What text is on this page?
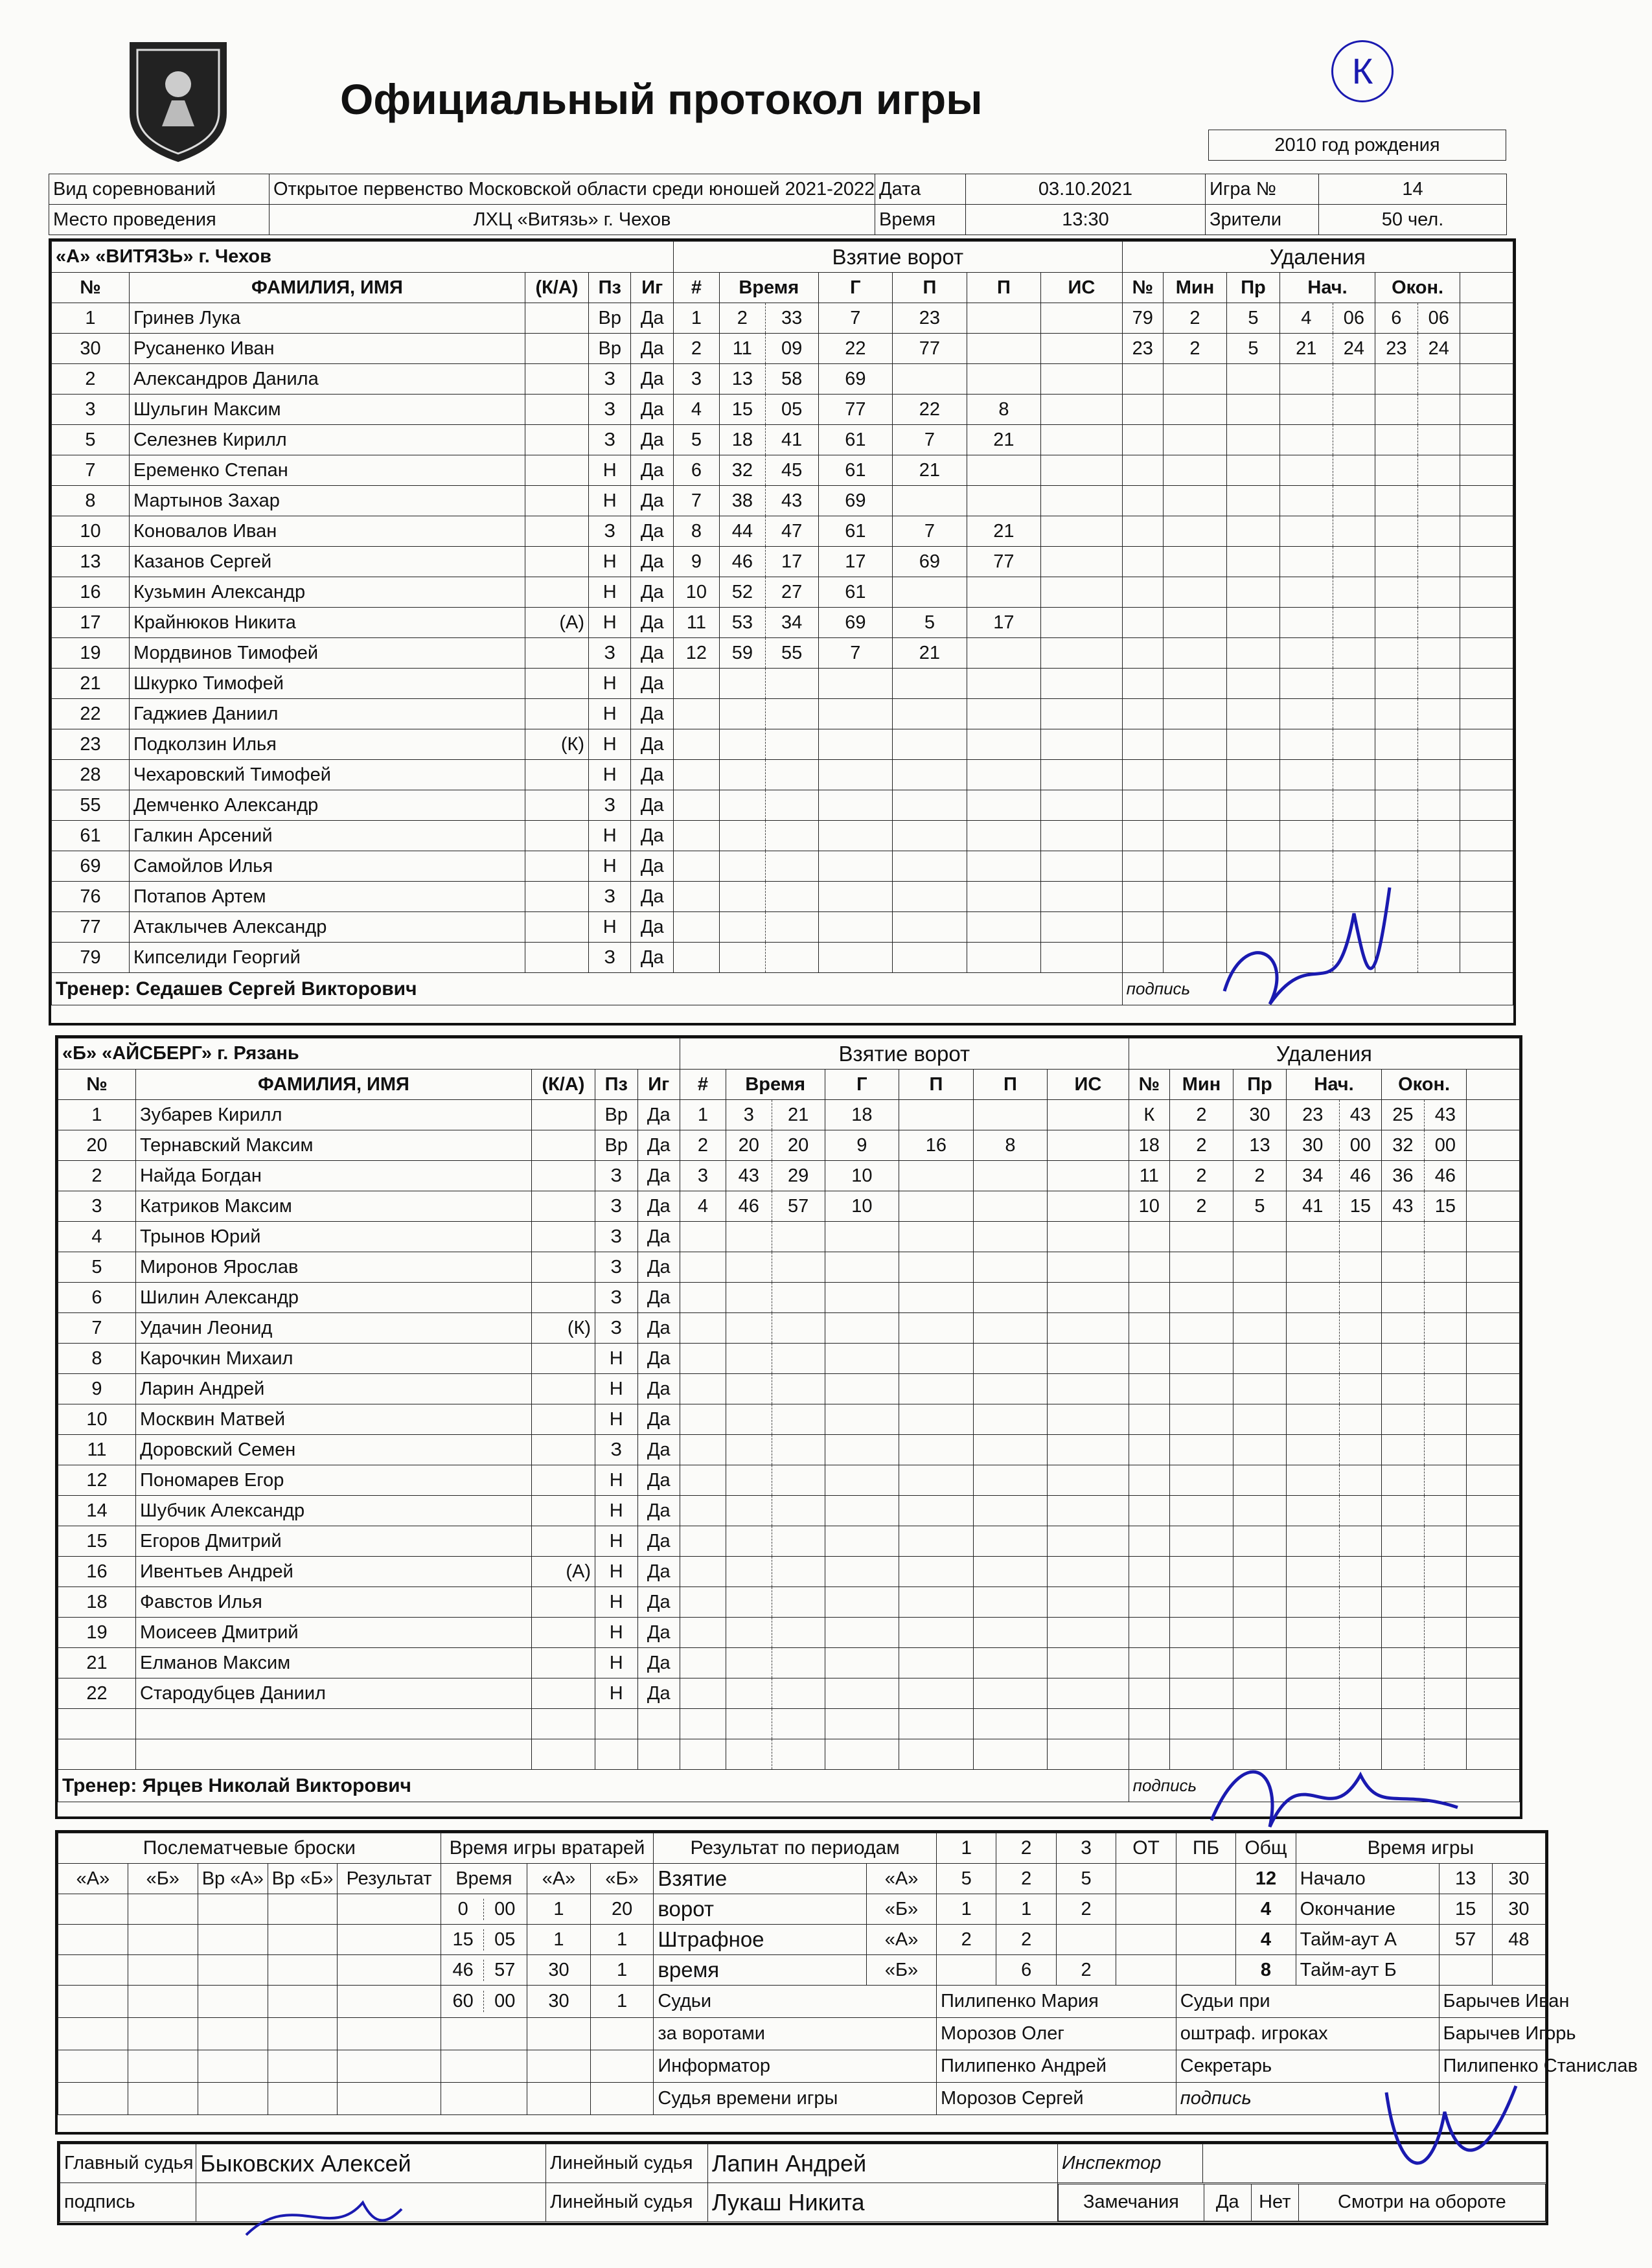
Официальный протокол игры
К
2010 год рождения
Вид соревнований	Открытое первенство Московской области среди юношей 2021-2022	Дата	03.10.2021	Игра №	14
Место проведения	ЛХЦ «Витязь» г. Чехов	Время	13:30	Зрители	50 чел.
«А» «ВИТЯЗЬ» г. Чехов					Взятие ворот							Удаления							
№	ФАМИЛИЯ, ИМЯ	(К/А)	Пз	Иг	#	Время		Г	П	П	ИС	№	Мин	Пр	Нач.		Окон.		
1	Гринев Лука		Вр	Да	1	2	33	7	23			79	2	5	4	06	6	06	
30	Русаненко Иван		Вр	Да	2	11	09	22	77			23	2	5	21	24	23	24	
2	Александров Данила		З	Да	3	13	58	69											
3	Шульгин Максим		З	Да	4	15	05	77	22	8									
5	Селезнев Кирилл		З	Да	5	18	41	61	7	21									
7	Еременко Степан		Н	Да	6	32	45	61	21										
8	Мартынов Захар		Н	Да	7	38	43	69											
10	Коновалов Иван		З	Да	8	44	47	61	7	21									
13	Казанов Сергей		Н	Да	9	46	17	17	69	77									
16	Кузьмин Александр		Н	Да	10	52	27	61											
17	Крайнюков Никита	(А)	Н	Да	11	53	34	69	5	17									
19	Мордвинов Тимофей		З	Да	12	59	55	7	21										
21	Шкурко Тимофей		Н	Да															
22	Гаджиев Даниил		Н	Да															
23	Подколзин Илья	(К)	Н	Да															
28	Чехаровский Тимофей		Н	Да															
55	Демченко Александр		З	Да															
61	Галкин Арсений		Н	Да															
69	Самойлов Илья		Н	Да															
76	Потапов Артем		З	Да															
77	Атаклычев Александр		Н	Да															
79	Кипселиди Георгий		З	Да															
Тренер: Седашев Сергей Викторович												подпись							
«Б» «АЙСБЕРГ» г. Рязань					Взятие ворот							Удаления							
№	ФАМИЛИЯ, ИМЯ	(К/А)	Пз	Иг	#	Время		Г	П	П	ИС	№	Мин	Пр	Нач.		Окон.		
1	Зубарев Кирилл		Вр	Да	1	3	21	18				К	2	30	23	43	25	43	
20	Тернавский Максим		Вр	Да	2	20	20	9	16	8		18	2	13	30	00	32	00	
2	Найда Богдан		З	Да	3	43	29	10				11	2	2	34	46	36	46	
3	Катриков Максим		З	Да	4	46	57	10				10	2	5	41	15	43	15	
4	Трынов Юрий		З	Да															
5	Миронов Ярослав		З	Да															
6	Шилин Александр		З	Да															
7	Удачин Леонид	(К)	З	Да															
8	Карочкин Михаил		Н	Да															
9	Ларин Андрей		Н	Да															
10	Москвин Матвей		Н	Да															
11	Доровский Семен		З	Да															
12	Пономарев Егор		Н	Да															
14	Шубчик Александр		Н	Да															
15	Егоров Дмитрий		Н	Да															
16	Ивентьев Андрей	(А)	Н	Да															
18	Фавстов Илья		Н	Да															
19	Моисеев Дмитрий		Н	Да															
21	Елманов Максим		Н	Да															
22	Стародубцев Даниил		Н	Да															

Тренер: Ярцев Николай Викторович												подпись							
Послематчевые броски					Время игры вратарей			Результат по периодам		1	2	3	ОТ	ПБ	Общ	Время игры		
«А»	«Б»	Вр «А»	Вр «Б»	Результат	Время	«А»	«Б»	Взятие	«А»	5	2	5			12	Начало	13	30
					0 00	1	20	ворот	«Б»	1	1	2			4	Окончание	15	30
					15 05	1	1	Штрафное	«А»	2	2				4	Тайм-аут А	57	48
					46 57	30	1	время	«Б»		6	2			8	Тайм-аут Б		
					60 00	30	1	Судьи		Пилипенко Мария				Судьи при			Барычев Иван	
								за воротами		Морозов Олег				оштраф. игроках			Барычев Игорь	
								Информатор		Пилипенко Андрей				Секретарь			Пилипенко Станислав	
								Судья времени игры		Морозов Сергей				подпись				
Главный судья	Быковских Алексей	Линейный судья	Лапин Андрей	Инспектор	
подпись		Линейный судья	Лукаш Никита		Замечания	Да	Нет	Смотри на обороте
